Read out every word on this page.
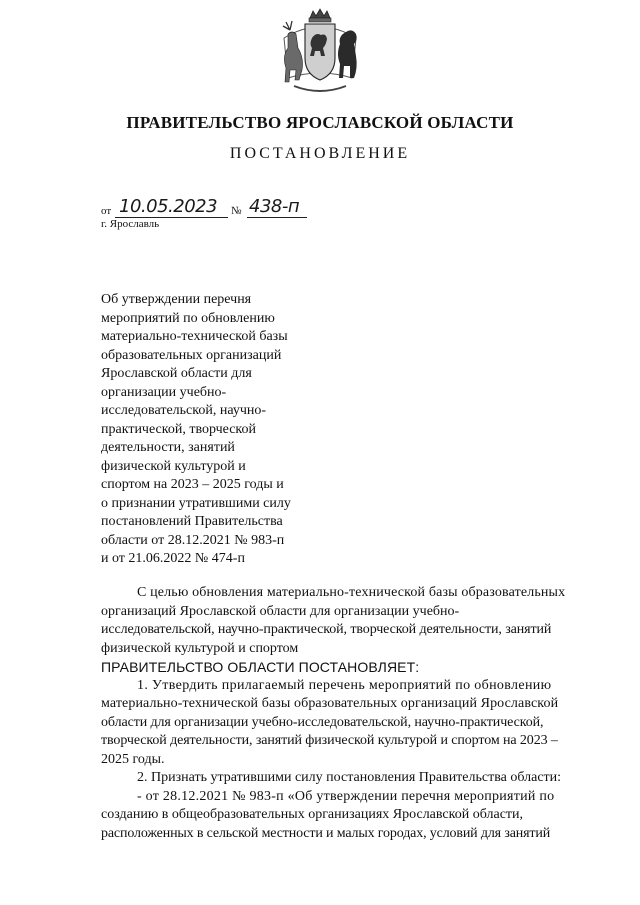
ПРАВИТЕЛЬСТВО ЯРОСЛАВСКОЙ ОБЛАСТИ
ПОСТАНОВЛЕНИЕ
от 10.05.2023 № 438-п
г. Ярославль
Об утверждении перечня
мероприятий по обновлению
материально-технической базы
образовательных организаций
Ярославской области для
организации учебно-
исследовательской, научно-
практической, творческой
деятельности, занятий
физической культурой и
спортом на 2023 – 2025 годы и
о признании утратившими силу
постановлений Правительства
области от 28.12.2021 № 983-п
и от 21.06.2022 № 474-п
С целью обновления материально-технической базы образовательных
организаций Ярославской области для организации учебно-
исследовательской, научно-практической, творческой деятельности, занятий
физической культурой и спортом
ПРАВИТЕЛЬСТВО ОБЛАСТИ ПОСТАНОВЛЯЕТ:
1. Утвердить прилагаемый перечень мероприятий по обновлению
материально-технической базы образовательных организаций Ярославской
области для организации учебно-исследовательской, научно-практической,
творческой деятельности, занятий физической культурой и спортом на 2023 –
2025 годы.
2. Признать утратившими силу постановления Правительства области:
- от 28.12.2021 № 983-п «Об утверждении перечня мероприятий по
созданию в общеобразовательных организациях Ярославской области,
расположенных в сельской местности и малых городах, условий для занятий
